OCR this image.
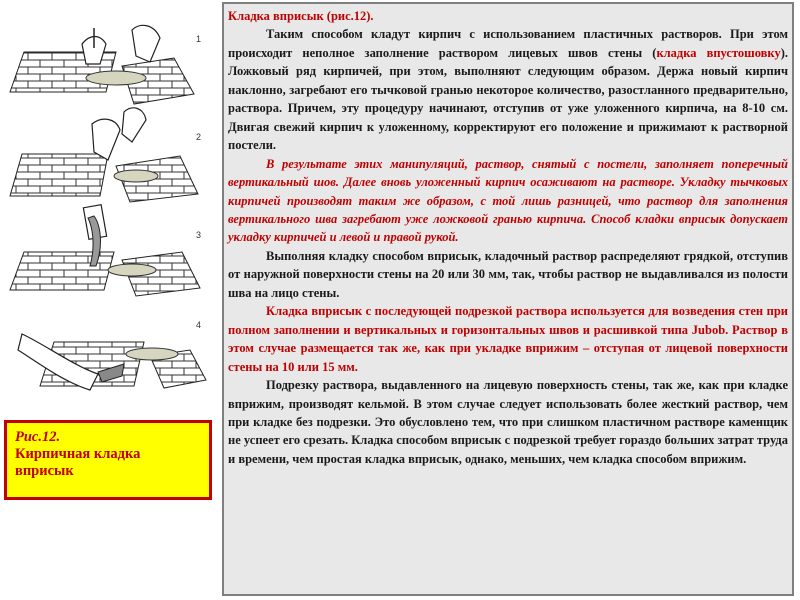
1
2
3
4
Рис.12.
Кирпичная кладка вприсык

Кладка вприсык (рис.12).

Таким способом кладут кирпич с использованием пластичных растворов. При этом происходит неполное заполнение раствором лицевых швов стены (кладка впустошовку). Ложковый ряд кирпичей, при этом, выполняют следующим образом. Держа новый кирпич наклонно, загребают его тычковой гранью некоторое количество, разостланного предварительно, раствора. Причем, эту процедуру начинают, отступив от уже уложенного кирпича, на 8-10 см. Двигая свежий кирпич к уложенному, корректируют его положение и прижимают к растворной постели.

В результате этих манипуляций, раствор, снятый с постели, заполняет поперечный вертикальный шов. Далее вновь уложенный кирпич осаживают на растворе. Укладку тычковых кирпичей производят таким же образом, с той лишь разницей, что раствор для заполнения вертикального шва загребают уже ложковой гранью кирпича. Способ кладки вприсык допускает укладку кирпичей и левой и правой рукой.

Выполняя кладку способом вприсык, кладочный раствор распределяют грядкой, отступив от наружной поверхности стены на 20 или 30 мм, так, чтобы раствор не выдавливался из полости шва на лицо стены.

Кладка вприсык с последующей подрезкой раствора используется для возведения стен при полном заполнении и вертикальных и горизонтальных швов и расшивкой типа Jubob. Раствор в этом случае размещается так же, как при укладке вприжим – отступая от лицевой поверхности стены на 10 или 15 мм.

Подрезку раствора, выдавленного на лицевую поверхность стены, так же, как при кладке вприжим, производят кельмой. В этом случае следует использовать более жесткий раствор, чем при кладке без подрезки. Это обусловлено тем, что при слишком пластичном растворе каменщик не успеет его срезать. Кладка способом вприсык с подрезкой требует гораздо больших затрат труда и времени, чем простая кладка вприсык, однако, меньших, чем кладка способом вприжим.
